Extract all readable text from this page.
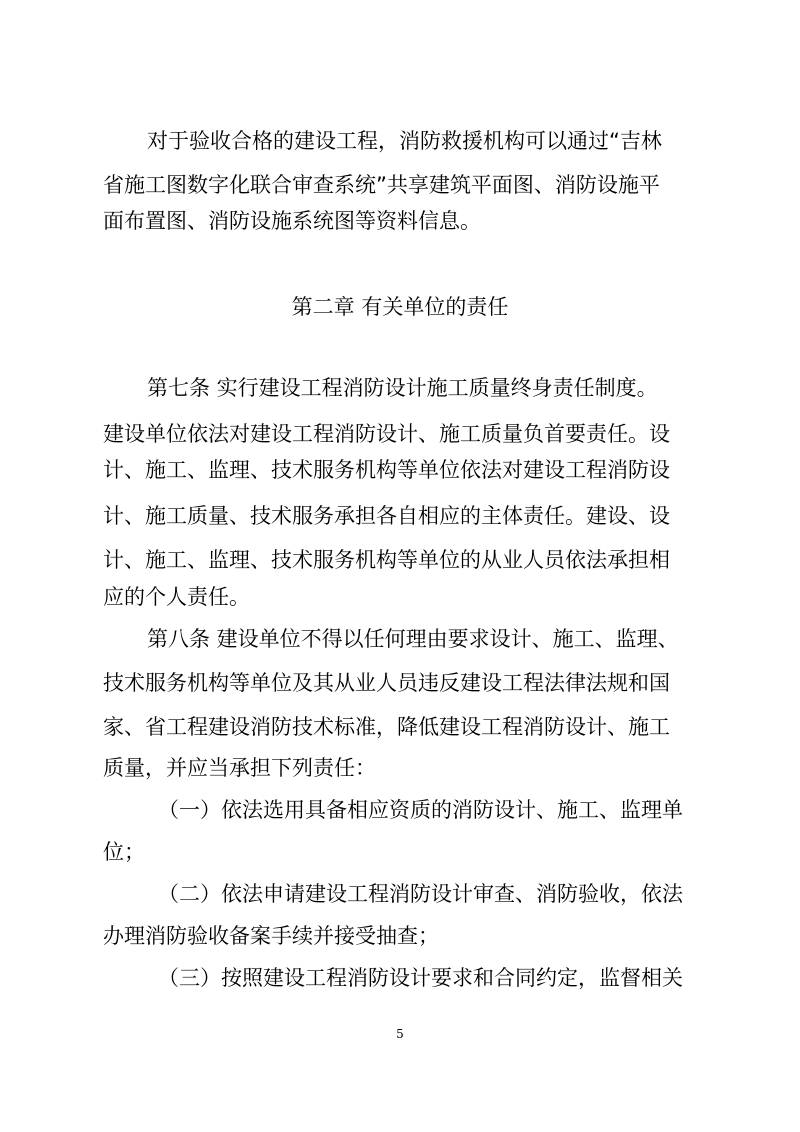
对于验收合格的建设工程，消防救援机构可以通过“吉林
省施工图数字化联合审查系统”共享建筑平面图、消防设施平
面布置图、消防设施系统图等资料信息。
第二章 有关单位的责任
第七条 实行建设工程消防设计施工质量终身责任制度。
建设单位依法对建设工程消防设计、施工质量负首要责任。设
计、施工、监理、技术服务机构等单位依法对建设工程消防设
计、施工质量、技术服务承担各自相应的主体责任。建设、设
计、施工、监理、技术服务机构等单位的从业人员依法承担相
应的个人责任。
第八条 建设单位不得以任何理由要求设计、施工、监理、
技术服务机构等单位及其从业人员违反建设工程法律法规和国
家、省工程建设消防技术标准，降低建设工程消防设计、施工
质量，并应当承担下列责任：
（一）依法选用具备相应资质的消防设计、施工、监理单
位；
（二）依法申请建设工程消防设计审查、消防验收，依法
办理消防验收备案手续并接受抽查；
（三）按照建设工程消防设计要求和合同约定，监督相关
5
